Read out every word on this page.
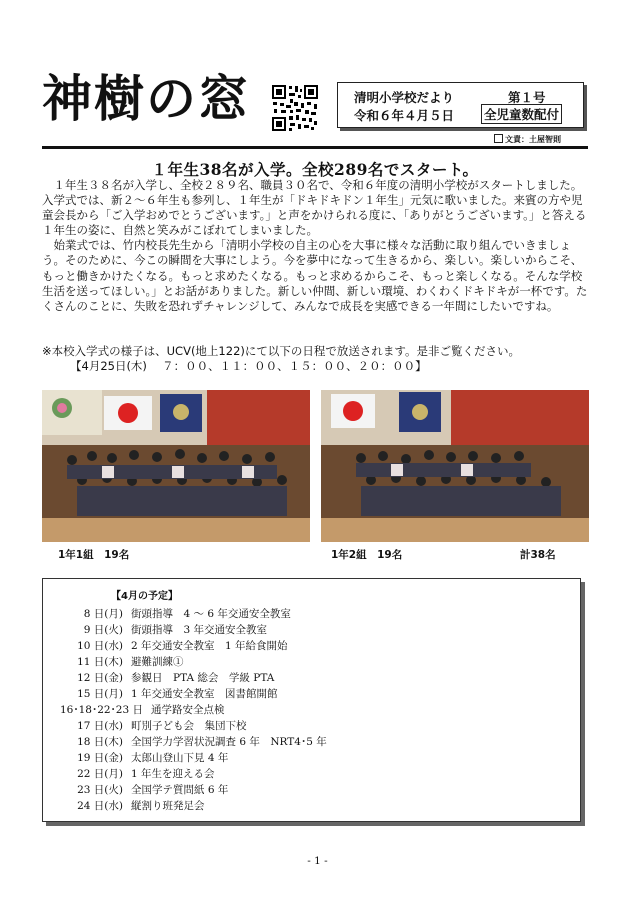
神樹の窓	清明小学校だより	第１号
令和６年４月５日 全児童数配付
文責：土屋智則
１年生38名が入学。全校289名でスタート。

１年生３８名が入学し、全校２８９名、職員３０名で、令和６年度の清明小学校がスタートしました。入学式では、新２～６年生も参列し、１年生が「ドキドキドン１年生」元気に歌いました。来賓の方や児童会長から「ご入学おめでとうございます。」と声をかけられる度に、「ありがとうございます。」と答える１年生の姿に、自然と笑みがこぼれてしまいました。

始業式では、竹内校長先生から「清明小学校の自主の心を大事に様々な活動に取り組んでいきましょう。そのために、今この瞬間を大事にしよう。今を夢中になって生きるから、楽しい。楽しいからこそ、もっと働きかけたくなる。もっと求めたくなる。もっと求めるからこそ、もっと楽しくなる。そんな学校生活を送ってほしい。」とお話がありました。新しい仲間、新しい環境、わくわくドキドキが一杯です。たくさんのことに、失敗を恐れずチャレンジして、みんなで成長を実感できる一年間にしたいですね。

※本校入学式の様子は、UCV(地上122)にて以下の日程で放送されます。是非ご覧ください。
【4月25日(木)　 ７：００、１１：００、１５：００、２０：００】
1年1組　19名	1年2組　19名	計38名
【4月の予定】
8 日(月) 街頭指導　4 ～ 6 年交通安全教室
9 日(火) 街頭指導　3 年交通安全教室
10 日(水) 2 年交通安全教室　1 年給食開始
11 日(木) 避難訓練①
12 日(金) 参観日　PTA 総会　学級 PTA
15 日(月) 1 年交通安全教室　図書館開館
16･18･22･23 日 通学路安全点検
17 日(水) 町別子ども会　集団下校
18 日(木) 全国学力学習状況調査 6 年　NRT4･5 年
19 日(金) 太郎山登山下見 4 年
22 日(月) 1 年生を迎える会
23 日(火) 全国学テ質問紙 6 年
24 日(水) 縦割り班発足会
- 1 -
